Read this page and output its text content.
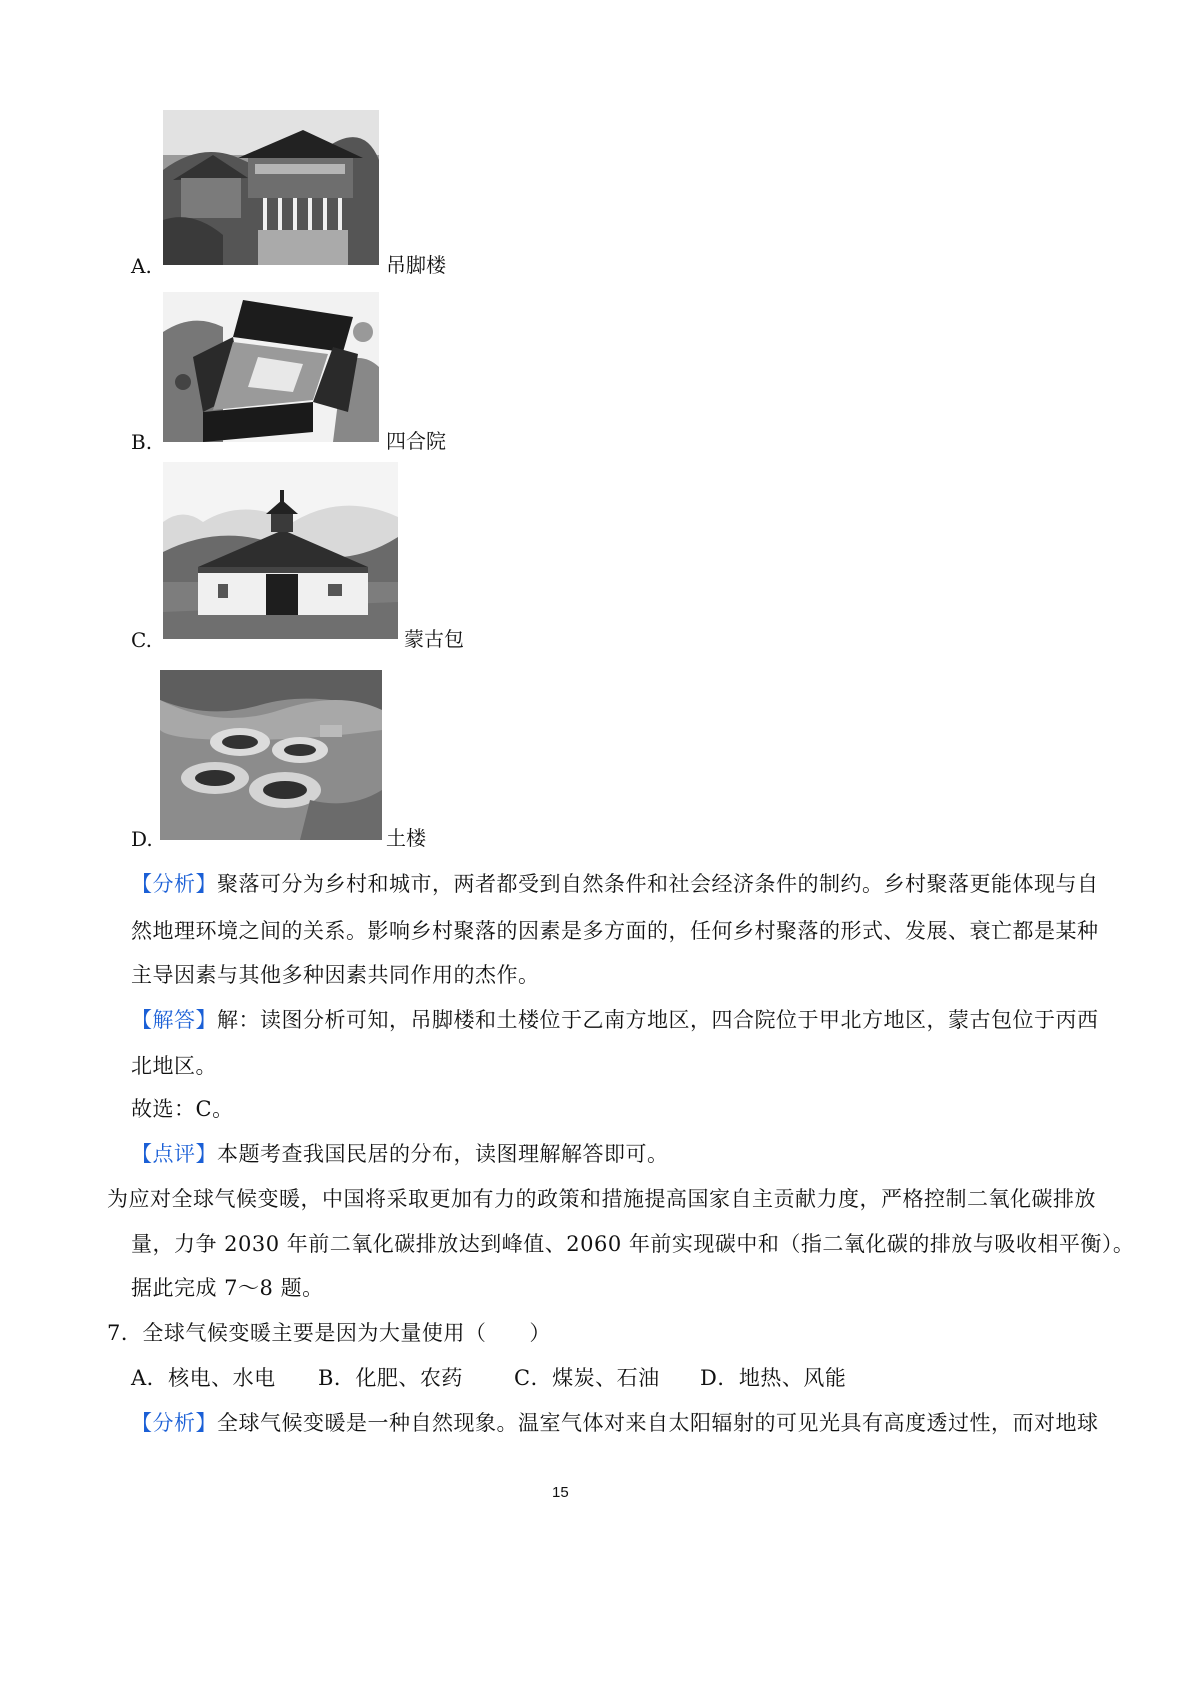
A.	吊脚楼
B.	四合院
C.	蒙古包
D.	土楼
【分析】聚落可分为乡村和城市，两者都受到自然条件和社会经济条件的制约。乡村聚落更能体现与自
然地理环境之间的关系。影响乡村聚落的因素是多方面的，任何乡村聚落的形式、发展、衰亡都是某种
主导因素与其他多种因素共同作用的杰作。
【解答】解：读图分析可知，吊脚楼和土楼位于乙南方地区，四合院位于甲北方地区，蒙古包位于丙西
北地区。
故选：C。
【点评】本题考查我国民居的分布，读图理解解答即可。
为应对全球气候变暖，中国将采取更加有力的政策和措施提高国家自主贡献力度，严格控制二氧化碳排放
量，力争 2030 年前二氧化碳排放达到峰值、2060 年前实现碳中和（指二氧化碳的排放与吸收相平衡）。
据此完成 7～8 题。
7．全球气候变暖主要是因为大量使用（　　）
A．核电、水电 B．化肥、农药 C．煤炭、石油 D．地热、风能
【分析】全球气候变暖是一种自然现象。温室气体对来自太阳辐射的可见光具有高度透过性，而对地球
15
